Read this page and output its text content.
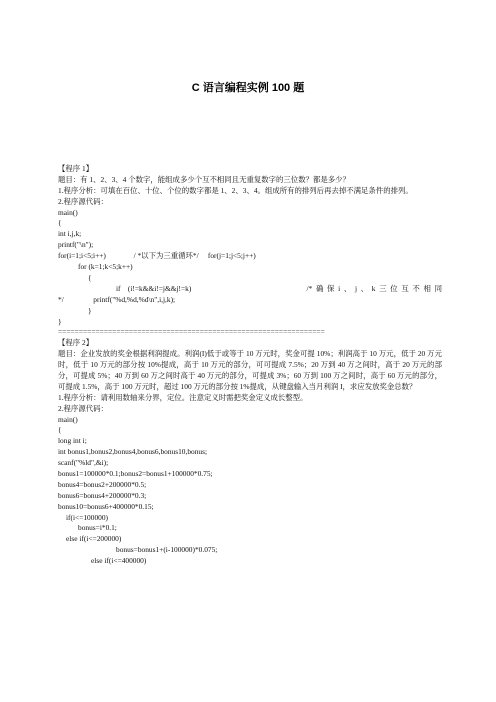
C 语言编程实例 100 题
【程序 1】
题目：有 1、2、3、4 个数字，能组成多少个互不相同且无重复数字的三位数？都是多少？
1.程序分析：可填在百位、十位、个位的数字都是 1、2、3、4。组成所有的排列后再去掉不满足条件的排列。
2.程序源代码：
main()
{
int i,j,k;
printf("\n");
for(i=1;i<5;i++)               / *以下为三重循环*/     for(j=1;j<5;j++)
for (k=1;k<5;k++)
{
if    (i!=k&&i!=j&&j!=k)	/*  确  保  i  、  j  、  k  三  位  互  不  相  同
*/                printf("%d,%d,%d\n",i,j,k);
}
}
================================================================
【程序 2】
题目：企业发放的奖金根据利润提成。利润(I)低于或等于 10 万元时，奖金可提 10%；利润高于 10 万元，低于 20 万元时，低于 10 万元的部分按 10%提成，高于 10 万元的部分，可可提成 7.5%；20 万到 40 万之间时，高于 20 万元的部分，可提成 5%；40 万到 60 万之间时高于 40 万元的部分，可提成 3%；60 万到 100 万之间时，高于 60 万元的部分，可提成 1.5%，高于 100 万元时，超过 100 万元的部分按 1%提成，从键盘输入当月利润 I，求应发放奖金总数？
1.程序分析：请利用数轴来分界，定位。注意定义时需把奖金定义成长整型。
2.程序源代码：
main()
{
long int i;
int bonus1,bonus2,bonus4,bonus6,bonus10,bonus;
scanf("%ld",&i);
bonus1=100000*0.1;bonus2=bonus1+100000*0.75;
bonus4=bonus2+200000*0.5;
bonus6=bonus4+200000*0.3;
bonus10=bonus6+400000*0.15;
if(i<=100000)
bonus=i*0.1;
else if(i<=200000)
bonus=bonus1+(i-100000)*0.075;
else if(i<=400000)
